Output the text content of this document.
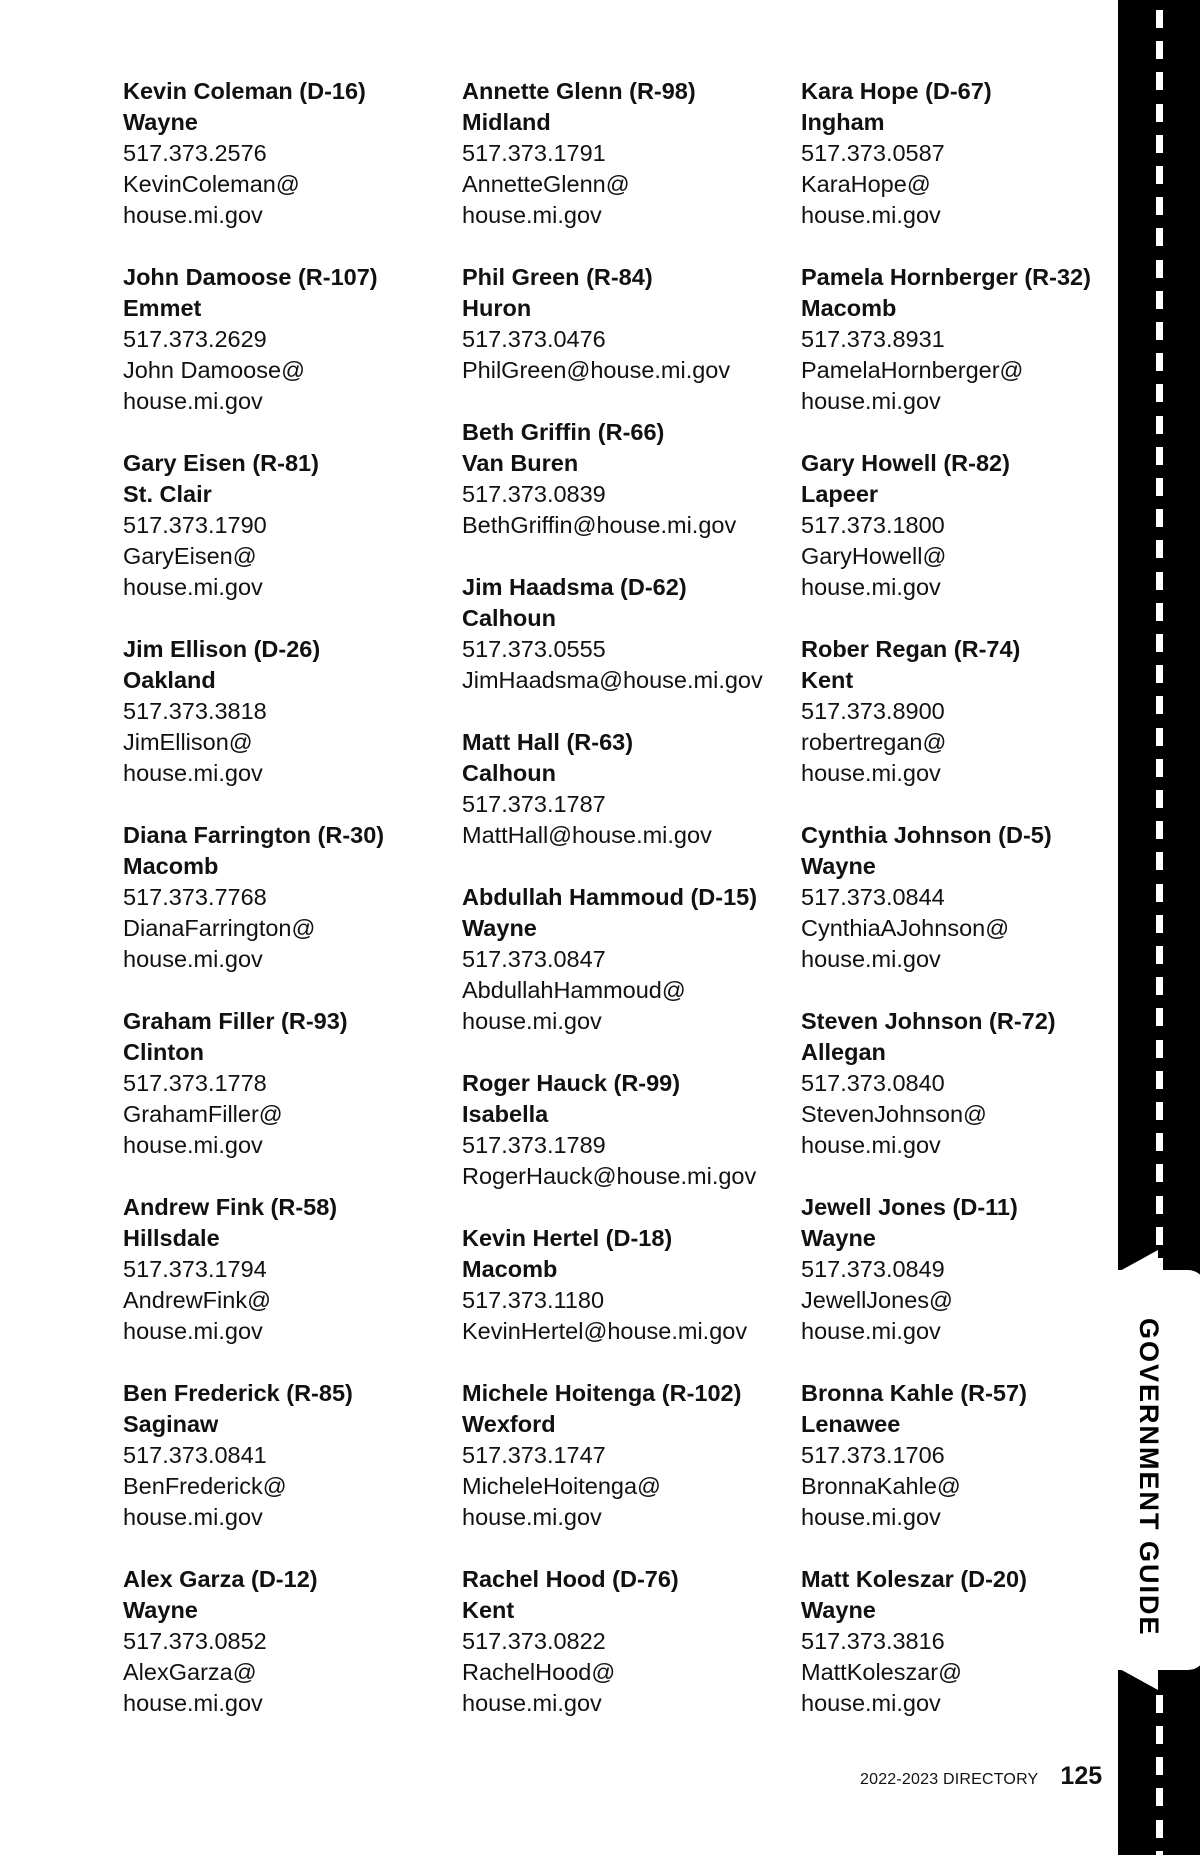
Kevin Coleman (D-16)
Wayne
517.373.2576
KevinColeman@
house.mi.gov
John Damoose (R-107)
Emmet
517.373.2629
John Damoose@
house.mi.gov
Gary Eisen (R-81)
St. Clair
517.373.1790
GaryEisen@
house.mi.gov
Jim Ellison (D-26)
Oakland
517.373.3818
JimEllison@
house.mi.gov
Diana Farrington (R-30)
Macomb
517.373.7768
DianaFarrington@
house.mi.gov
Graham Filler (R-93)
Clinton
517.373.1778
GrahamFiller@
house.mi.gov
Andrew Fink (R-58)
Hillsdale
517.373.1794
AndrewFink@
house.mi.gov
Ben Frederick (R-85)
Saginaw
517.373.0841
BenFrederick@
house.mi.gov
Alex Garza (D-12)
Wayne
517.373.0852
AlexGarza@
house.mi.gov
Annette Glenn (R-98)
Midland
517.373.1791
AnnetteGlenn@
house.mi.gov
Phil Green (R-84)
Huron
517.373.0476
PhilGreen@house.mi.gov
Beth Griffin (R-66)
Van Buren
517.373.0839
BethGriffin@house.mi.gov
Jim Haadsma (D-62)
Calhoun
517.373.0555
JimHaadsma@house.mi.gov
Matt Hall (R-63)
Calhoun
517.373.1787
MattHall@house.mi.gov
Abdullah Hammoud (D-15)
Wayne
517.373.0847
AbdullahHammoud@
house.mi.gov
Roger Hauck (R-99)
Isabella
517.373.1789
RogerHauck@house.mi.gov
Kevin Hertel (D-18)
Macomb
517.373.1180
KevinHertel@house.mi.gov
Michele Hoitenga (R-102)
Wexford
517.373.1747
MicheleHoitenga@
house.mi.gov
Rachel Hood (D-76)
Kent
517.373.0822
RachelHood@
house.mi.gov
Kara Hope (D-67)
Ingham
517.373.0587
KaraHope@
house.mi.gov
Pamela Hornberger (R-32)
Macomb
517.373.8931
PamelaHornberger@
house.mi.gov
Gary Howell (R-82)
Lapeer
517.373.1800
GaryHowell@
house.mi.gov
Rober Regan (R-74)
Kent
517.373.8900
robertregan@
house.mi.gov
Cynthia Johnson (D-5)
Wayne
517.373.0844
CynthiaAJohnson@
house.mi.gov
Steven Johnson (R-72)
Allegan
517.373.0840
StevenJohnson@
house.mi.gov
Jewell Jones (D-11)
Wayne
517.373.0849
JewellJones@
house.mi.gov
Bronna Kahle (R-57)
Lenawee
517.373.1706
BronnaKahle@
house.mi.gov
Matt Koleszar (D-20)
Wayne
517.373.3816
MattKoleszar@
house.mi.gov
GOVERNMENT GUIDE
2022-2023 DIRECTORY 125
